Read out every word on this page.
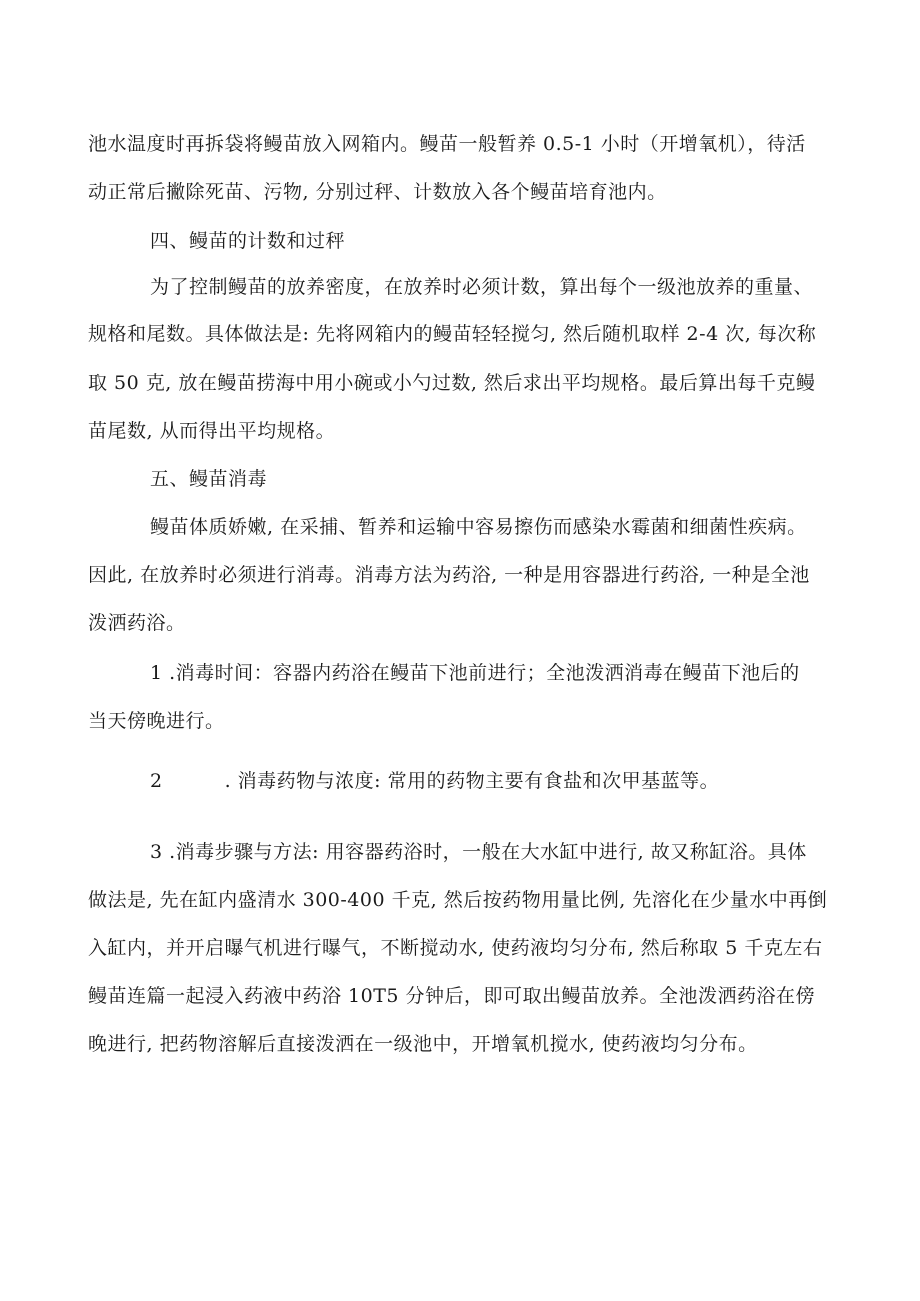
池水温度时再拆袋将鳗苗放入网箱内。鳗苗一般暂养 0.5-1 小时（开增氧机），待活
动正常后撇除死苗、污物, 分别过秤、计数放入各个鳗苗培育池内。
四、鳗苗的计数和过秤
为了控制鳗苗的放养密度，在放养时必须计数，算出每个一级池放养的重量、
规格和尾数。具体做法是: 先将网箱内的鳗苗轻轻搅匀, 然后随机取样 2-4 次, 每次称
取 50 克, 放在鳗苗捞海中用小碗或小勺过数, 然后求出平均规格。最后算出每千克鳗
苗尾数, 从而得出平均规格。
五、鳗苗消毒
鳗苗体质娇嫩, 在采捕、暂养和运输中容易擦伤而感染水霉菌和细菌性疾病。
因此, 在放养时必须进行消毒。消毒方法为药浴, 一种是用容器进行药浴, 一种是全池
泼洒药浴。
1 .消毒时间：容器内药浴在鳗苗下池前进行；全池泼洒消毒在鳗苗下池后的
当天傍晚进行。
2	. 消毒药物与浓度: 常用的药物主要有食盐和次甲基蓝等。
3 .消毒步骤与方法: 用容器药浴时，一般在大水缸中进行, 故又称缸浴。具体
做法是, 先在缸内盛清水 300-400 千克, 然后按药物用量比例, 先溶化在少量水中再倒
入缸内，并开启曝气机进行曝气，不断搅动水, 使药液均匀分布, 然后称取 5 千克左右
鳗苗连篇一起浸入药液中药浴 10T5 分钟后，即可取出鳗苗放养。全池泼洒药浴在傍
晚进行, 把药物溶解后直接泼洒在一级池中，开增氧机搅水, 使药液均匀分布。
